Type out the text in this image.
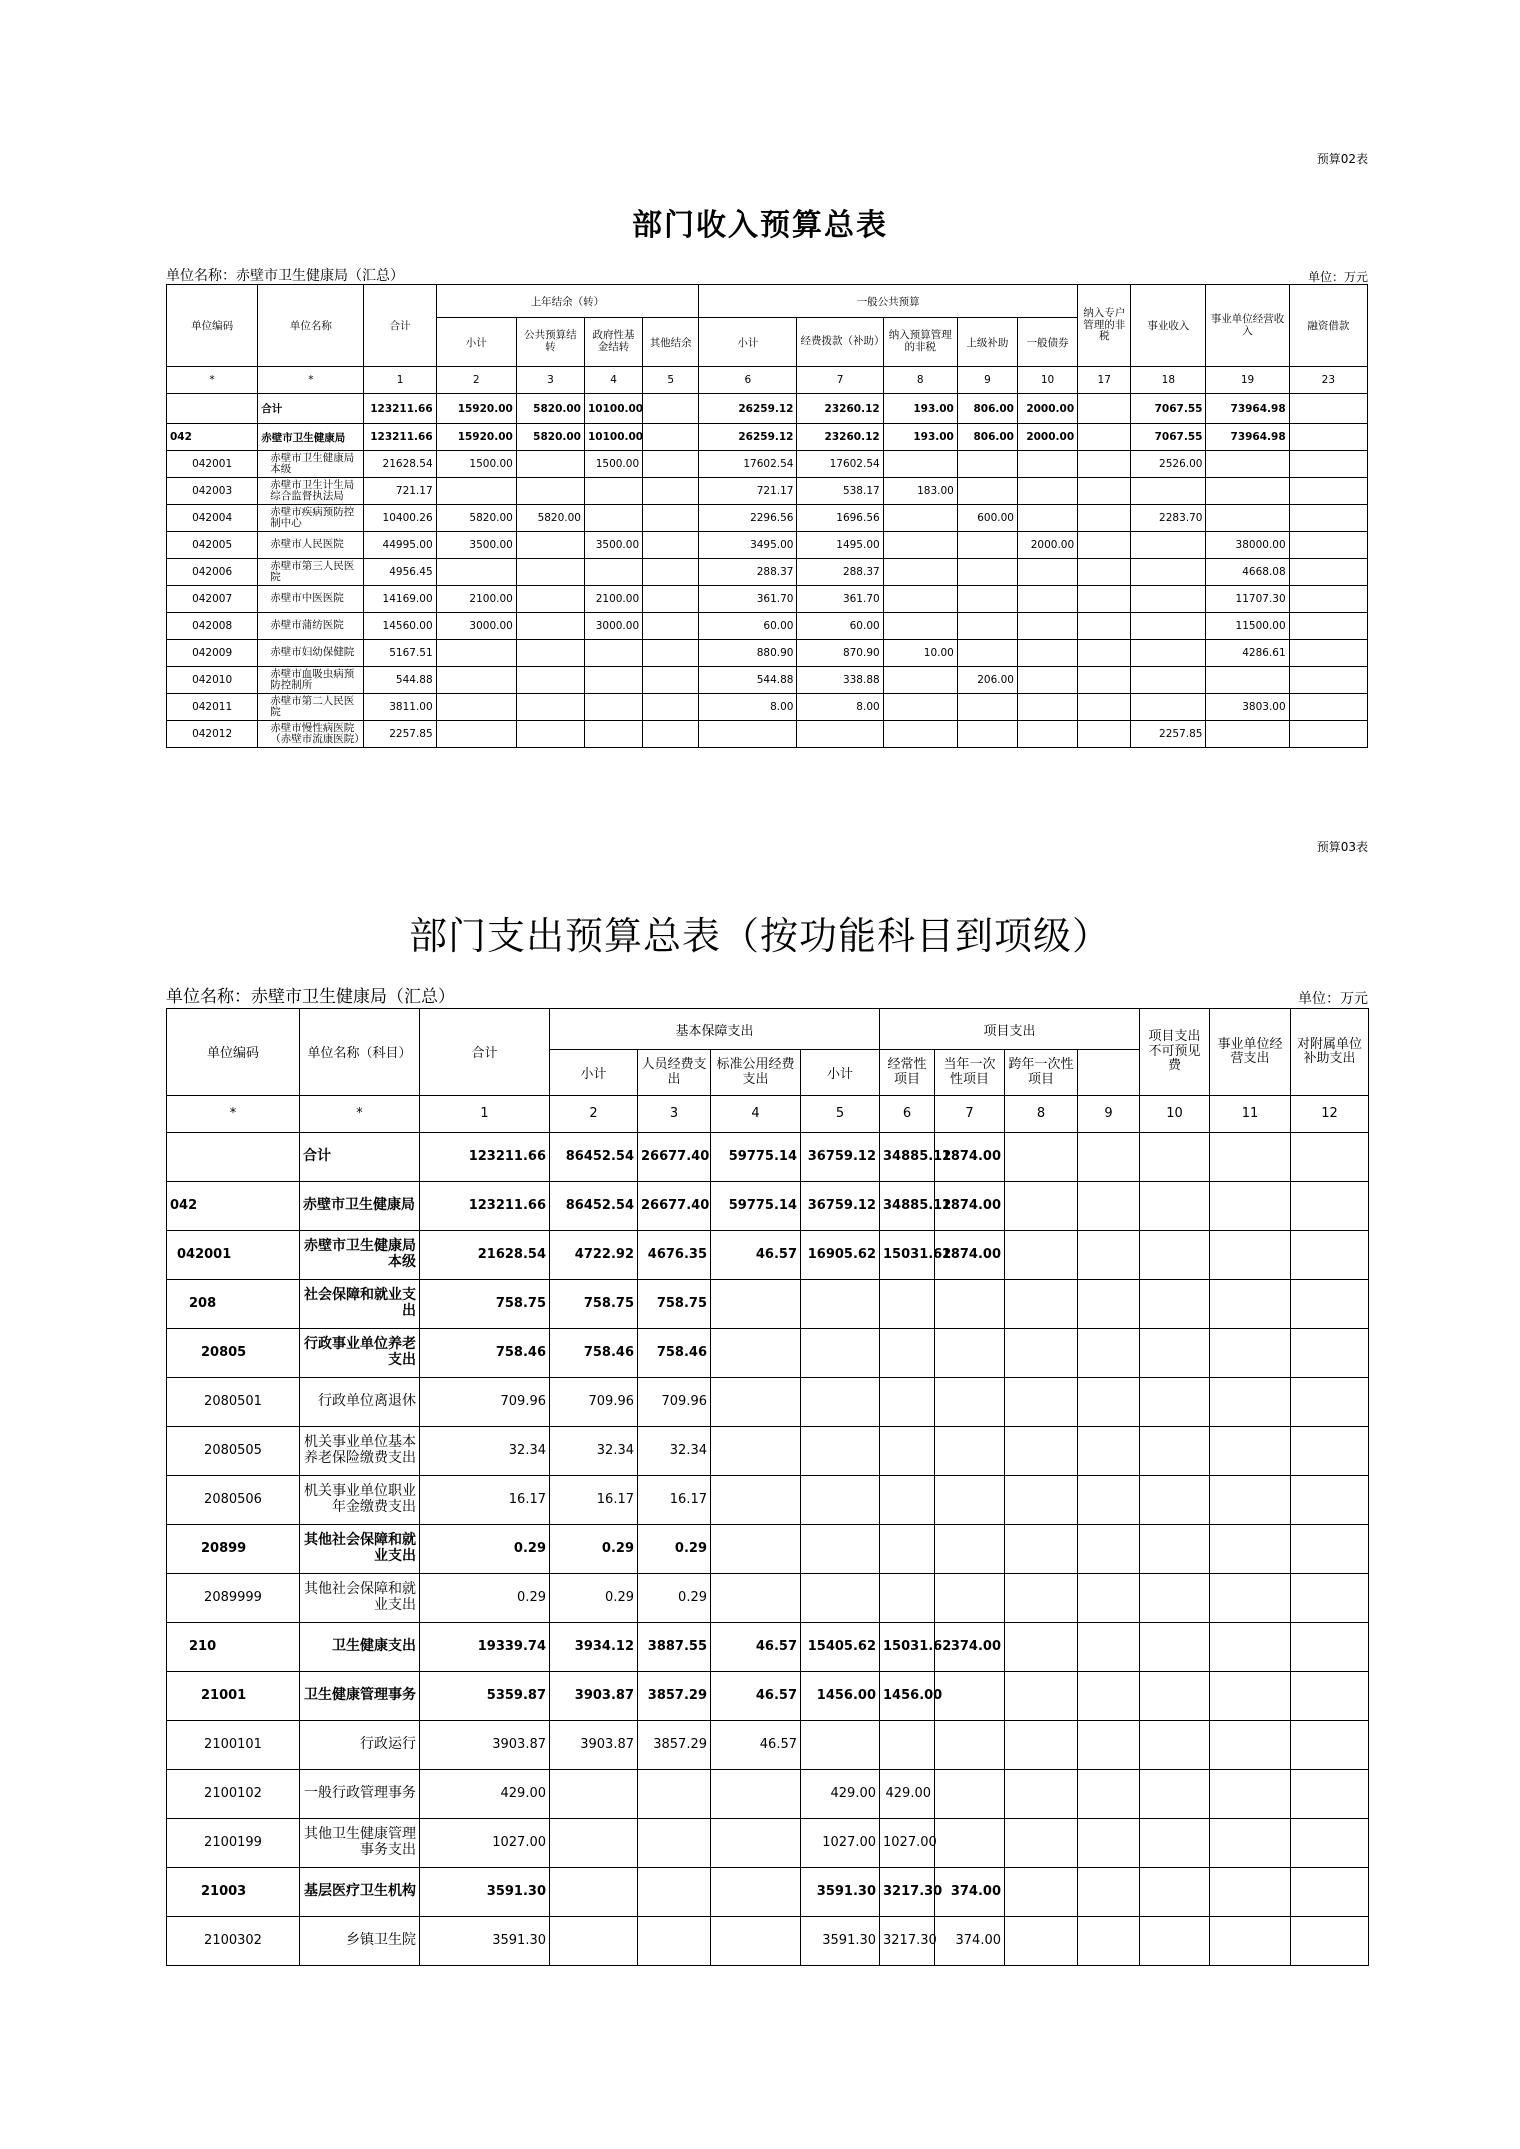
预算02表
部门收入预算总表
单位名称：赤壁市卫生健康局（汇总）	单位：万元
单位编码	单位名称	合计	上年结余（转）				一般公共预算					纳入专户管理的非税	事业收入	事业单位经营收入	融资借款
			小计	公共预算结转	政府性基金结转	其他结余	小计	经费拨款（补助）	纳入预算管理的非税	上级补助	一般债券				
*	*	1	2	3	4	5	6	7	8	9	10	17	18	19	23
	合计	123211.66	15920.00	5820.00	10100.00		26259.12	23260.12	193.00	806.00	2000.00		7067.55	73964.98	
042	赤壁市卫生健康局	123211.66	15920.00	5820.00	10100.00		26259.12	23260.12	193.00	806.00	2000.00		7067.55	73964.98	
042001	赤壁市卫生健康局本级	21628.54	1500.00		1500.00		17602.54	17602.54					2526.00		
042003	赤壁市卫生计生局综合监督执法局	721.17					721.17	538.17	183.00						
042004	赤壁市疾病预防控制中心	10400.26	5820.00	5820.00			2296.56	1696.56		600.00			2283.70		
042005	赤壁市人民医院	44995.00	3500.00		3500.00		3495.00	1495.00			2000.00			38000.00	
042006	赤壁市第三人民医院	4956.45					288.37	288.37						4668.08	
042007	赤壁市中医医院	14169.00	2100.00		2100.00		361.70	361.70						11707.30	
042008	赤壁市蒲纺医院	14560.00	3000.00		3000.00		60.00	60.00						11500.00	
042009	赤壁市妇幼保健院	5167.51					880.90	870.90	10.00					4286.61	
042010	赤壁市血吸虫病预防控制所	544.88					544.88	338.88		206.00					
042011	赤壁市第二人民医院	3811.00					8.00	8.00						3803.00	
042012	赤壁市慢性病医院（赤壁市流康医院）	2257.85											2257.85		
预算03表
部门支出预算总表（按功能科目到项级）
单位名称：赤壁市卫生健康局（汇总）	单位：万元
单位编码	单位名称（科目）	合计	基本保障支出				项目支出				项目支出不可预见费	事业单位经营支出	对附属单位补助支出	
			小计	人员经费支出	标准公用经费支出	小计	经常性项目	当年一次性项目	跨年一次性项目					
*	*	1	2	3	4	5	6	7	8	9	10	11	12	
	合计	123211.66	86452.54	26677.40	59775.14	36759.12	34885.12	1874.00						
042	赤壁市卫生健康局	123211.66	86452.54	26677.40	59775.14	36759.12	34885.12	1874.00						
042001	赤壁市卫生健康局本级	21628.54	4722.92	4676.35	46.57	16905.62	15031.62	1874.00						
208	社会保障和就业支出	758.75	758.75	758.75										
20805	行政事业单位养老支出	758.46	758.46	758.46										
2080501	行政单位离退休	709.96	709.96	709.96										
2080505	机关事业单位基本养老保险缴费支出	32.34	32.34	32.34										
2080506	机关事业单位职业年金缴费支出	16.17	16.17	16.17										
20899	其他社会保障和就业支出	0.29	0.29	0.29										
2089999	其他社会保障和就业支出	0.29	0.29	0.29										
210	卫生健康支出	19339.74	3934.12	3887.55	46.57	15405.62	15031.62	374.00						
21001	卫生健康管理事务	5359.87	3903.87	3857.29	46.57	1456.00	1456.00							
2100101	行政运行	3903.87	3903.87	3857.29	46.57									
2100102	一般行政管理事务	429.00				429.00	429.00							
2100199	其他卫生健康管理事务支出	1027.00				1027.00	1027.00							
21003	基层医疗卫生机构	3591.30				3591.30	3217.30	374.00						
2100302	乡镇卫生院	3591.30				3591.30	3217.30	374.00						
